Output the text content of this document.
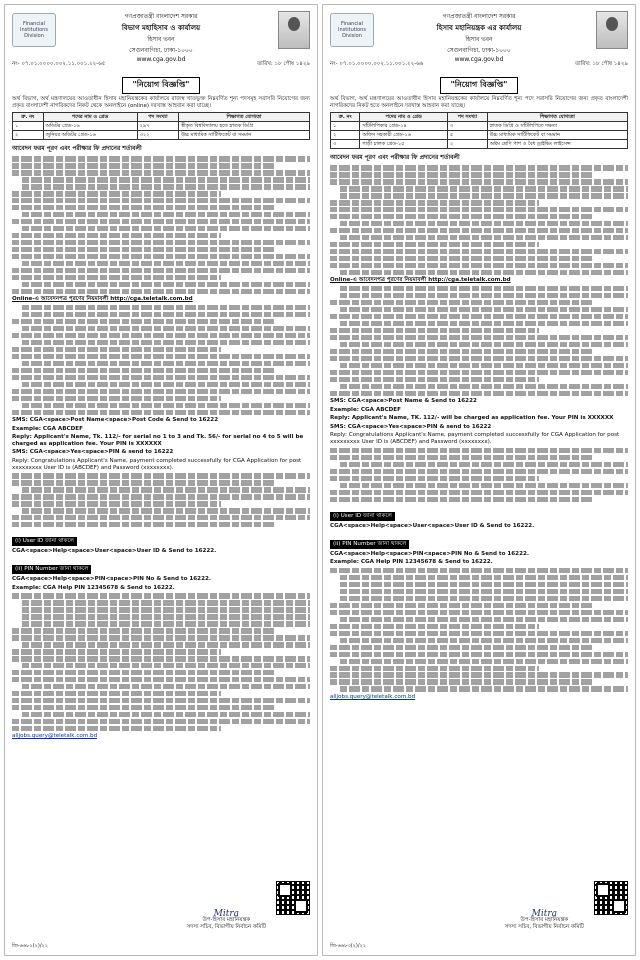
Financial Institutions Division
গণপ্রজাতন্ত্রী বাংলাদেশ সরকার
বিভাগ মহাহিসাব ও কার্যালয়
হিসাব ভবন
সেগুনবাগিচা, ঢাকা-১০০০
www.cga.gov.bd
নং- ০৭.০১.০০০০.০০২.১১.০০১.২২-৬৫	তারিখ: ১৮ পৌষ ১৪২৯
"নিয়োগ বিজ্ঞপ্তি"

অর্থ বিভাগ, অর্থ মন্ত্রণালয়ের আওতাধীন হিসাব মহানিয়ন্ত্রকের কার্যালয়ে রাজস্ব খাতভুক্ত নিম্নবর্ণিত শূন্য পদসমূহ সরাসরি নিয়োগের জন্য প্রকৃত বাংলাদেশী নাগরিকদের নিকট থেকে অনলাইনে (online) দরখাস্ত আহবান করা যাচ্ছে।

ক্র. নং	পদের নাম ও গ্রেড	পদ সংখ্যা	শিক্ষাগত যোগ্যতা
১	অডিটর গ্রেড-১৬	২৯৭	স্বীকৃত বিশ্ববিদ্যালয় হতে স্নাতক ডিগ্রি
২	জুনিয়র অডিটর গ্রেড-১৬	৩২২	উচ্চ মাধ্যমিক সার্টিফিকেট বা সমমান
আবেদন ফরম পূরণ এবং পরীক্ষার ফি প্রদানের শর্তাবলী
Online-এ আবেদনপত্র পূরণের নিয়মাবলী http://cga.teletalk.com.bd
SMS: CGA<space>Post Name<space>Post Code & Send to 16222
Example: CGA ABCDEF
Reply: Applicant's Name, Tk. 112/- for serial no 1 to 3 and Tk. 56/- for serial no 4 to 5 will be charged as application fee. Your PIN is XXXXXX
SMS: CGA<space>Yes<space>PIN & send to 16222
Reply: Congratulations Applicant's Name, payment completed successfully for CGA Application for post xxxxxxxxx User ID is (ABCDEF) and Password (xxxxxxxx).
(i) User ID জানা থাকলে
CGA<space>Help<space>User<space>User ID & Send to 16222.
(ii) PIN Number জানা থাকলে
CGA<space>Help<space>PIN<space>PIN No & Send to 16222.
Example: CGA Help PIN 12345678 & Send to 16222.
alljobs.query@teletalk.com.bd
Mitra
উপ-হিসাব মহানিয়ন্ত্রক
সদস্য সচিব, বিভাগীয় নির্বাচন কমিটি
জি-৬৬৮২(২)/২২
Financial Institutions Division
গণপ্রজাতন্ত্রী বাংলাদেশ সরকার
হিসাব মহানিয়ন্ত্রক এর কার্যালয়
হিসাব ভবন
সেগুনবাগিচা, ঢাকা-১০০০
www.cga.gov.bd
নং- ০৭.০১.০০০০.০০২.১১.০০১.২২-৬৬	তারিখ: ১৮ পৌষ ১৪২৯
"নিয়োগ বিজ্ঞপ্তি"

অর্থ বিভাগ, অর্থ মন্ত্রণালয়ের আওতাধীন হিসাব মহানিয়ন্ত্রকের কার্যালয়ে নিম্নবর্ণিত শূন্য পদে সরাসরি নিয়োগের জন্য প্রকৃত বাংলাদেশী নাগরিকদের নিকট হতে অনলাইনে দরখাস্ত আহবান করা যাচ্ছে।

ক্র. নং	পদের নাম ও গ্রেড	পদ সংখ্যা	শিক্ষাগত যোগ্যতা
১	সাঁটলিপিকার গ্রেড-১৪	৩	স্নাতক ডিগ্রি ও সাঁটলিপিতে দক্ষতা
২	অফিস সহকারী গ্রেড-১৬	৫	উচ্চ মাধ্যমিক সার্টিফিকেট বা সমমান
৩	গাড়ী চালক গ্রেড-১৫	২	অষ্টম শ্রেণি পাশ ও বৈধ ড্রাইভিং লাইসেন্স
আবেদন ফরম পূরণ এবং পরীক্ষার ফি প্রদানের শর্তাবলী
Online-এ আবেদনপত্র পূরণের নিয়মাবলী http://cga.teletalk.com.bd
SMS: CGA<space>Post Name & Send to 16222
Example: CGA ABCDEF
Reply: Applicant's Name, TK. 112/- will be charged as application fee. Your PIN is XXXXXX
SMS: CGA<space>Yes<space>PIN & send to 16222
Reply: Congratulations Applicant's Name, payment completed successfully for CGA Application for post xxxxxxxxx User ID is (ABCDEF) and Password (xxxxxxxx).
(i) User ID জানা থাকলে
CGA<space>Help<space>User<space>User ID & Send to 16222.
(ii) PIN Number জানা থাকলে
CGA<space>Help<space>PIN<space>PIN No & Send to 16222.
Example: CGA Help PIN 12345678 & Send to 16222.
alljobs.query@teletalk.com.bd
Mitra
উপ-হিসাব মহানিয়ন্ত্রক
সদস্য সচিব, বিভাগীয় নির্বাচন কমিটি
জি-৬৬৮৩(২)/২২
